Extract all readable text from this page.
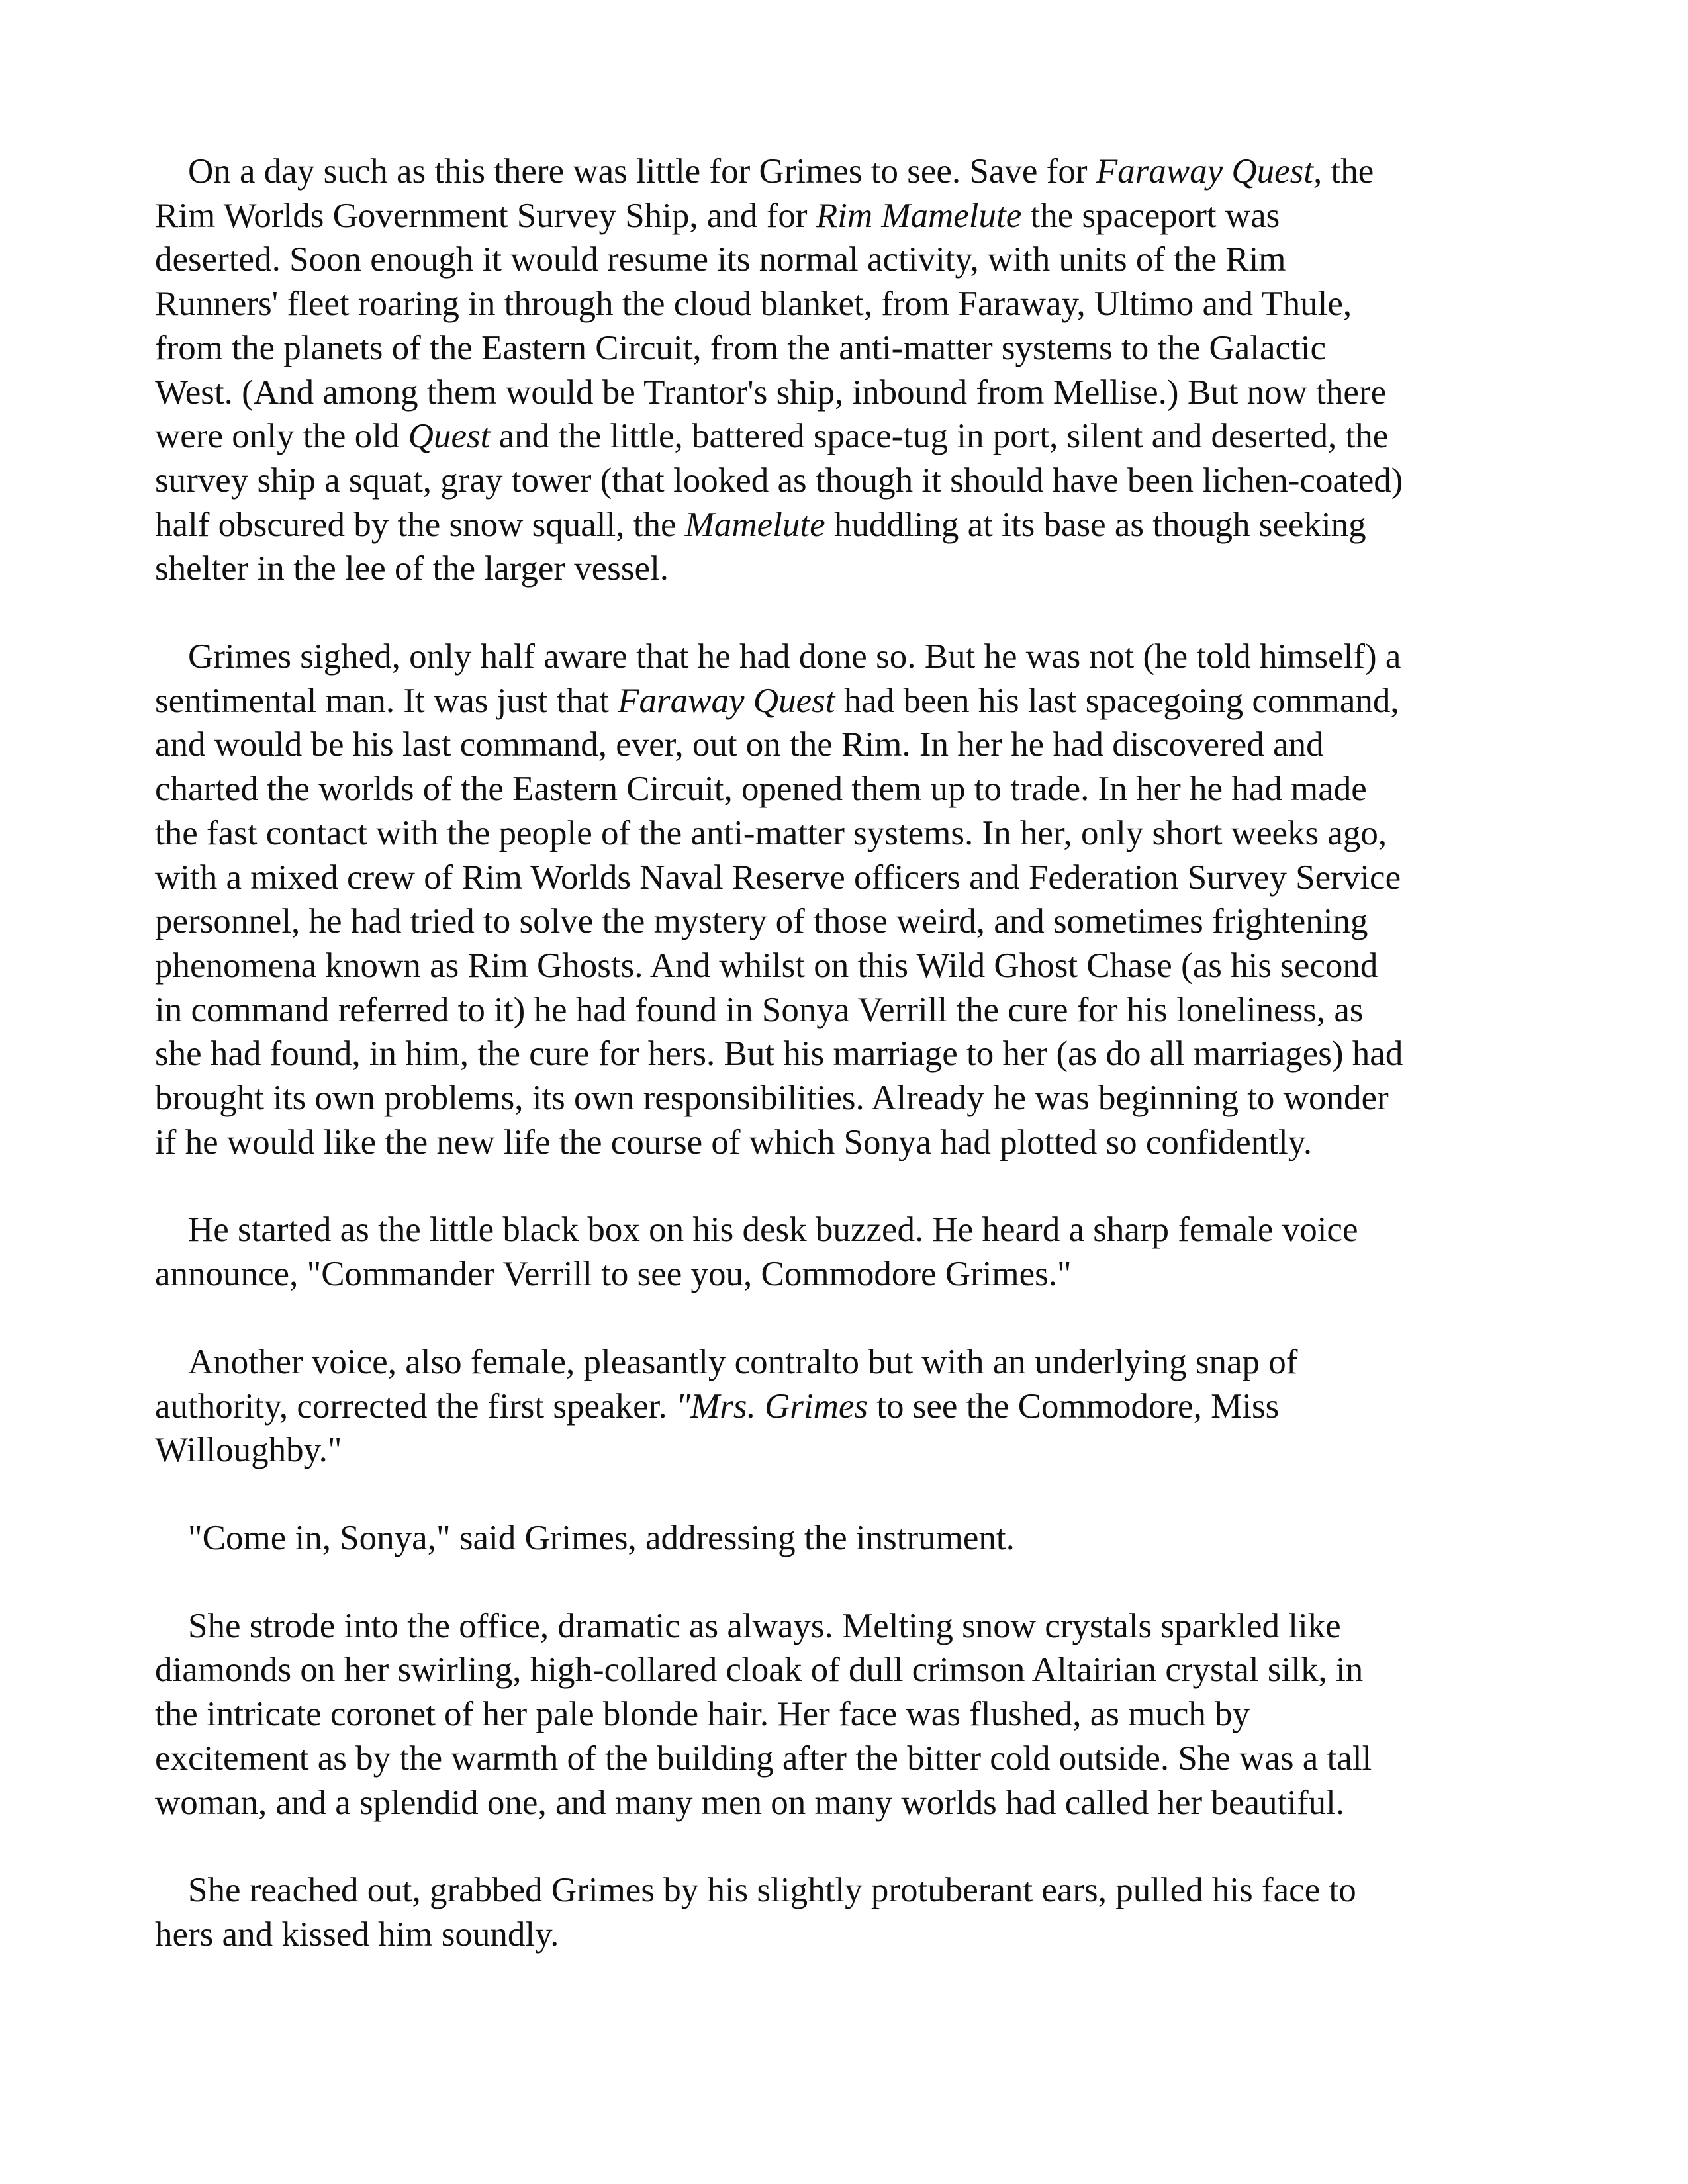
On a day such as this there was little for Grimes to see. Save for Faraway Quest, the
Rim Worlds Government Survey Ship, and for Rim Mamelute the spaceport was
deserted. Soon enough it would resume its normal activity, with units of the Rim
Runners' fleet roaring in through the cloud blanket, from Faraway, Ultimo and Thule,
from the planets of the Eastern Circuit, from the anti-matter systems to the Galactic
West. (And among them would be Trantor's ship, inbound from Mellise.) But now there
were only the old Quest and the little, battered space-tug in port, silent and deserted, the
survey ship a squat, gray tower (that looked as though it should have been lichen-coated)
half obscured by the snow squall, the Mamelute huddling at its base as though seeking
shelter in the lee of the larger vessel.

Grimes sighed, only half aware that he had done so. But he was not (he told himself) a
sentimental man. It was just that Faraway Quest had been his last spacegoing command,
and would be his last command, ever, out on the Rim. In her he had discovered and
charted the worlds of the Eastern Circuit, opened them up to trade. In her he had made
the fast contact with the people of the anti-matter systems. In her, only short weeks ago,
with a mixed crew of Rim Worlds Naval Reserve officers and Federation Survey Service
personnel, he had tried to solve the mystery of those weird, and sometimes frightening
phenomena known as Rim Ghosts. And whilst on this Wild Ghost Chase (as his second
in command referred to it) he had found in Sonya Verrill the cure for his loneliness, as
she had found, in him, the cure for hers. But his marriage to her (as do all marriages) had
brought its own problems, its own responsibilities. Already he was beginning to wonder
if he would like the new life the course of which Sonya had plotted so confidently.

He started as the little black box on his desk buzzed. He heard a sharp female voice
announce, "Commander Verrill to see you, Commodore Grimes."

Another voice, also female, pleasantly contralto but with an underlying snap of
authority, corrected the first speaker. "Mrs. Grimes to see the Commodore, Miss
Willoughby."

"Come in, Sonya," said Grimes, addressing the instrument.

She strode into the office, dramatic as always. Melting snow crystals sparkled like
diamonds on her swirling, high-collared cloak of dull crimson Altairian crystal silk, in
the intricate coronet of her pale blonde hair. Her face was flushed, as much by
excitement as by the warmth of the building after the bitter cold outside. She was a tall
woman, and a splendid one, and many men on many worlds had called her beautiful.

She reached out, grabbed Grimes by his slightly protuberant ears, pulled his face to
hers and kissed him soundly.
